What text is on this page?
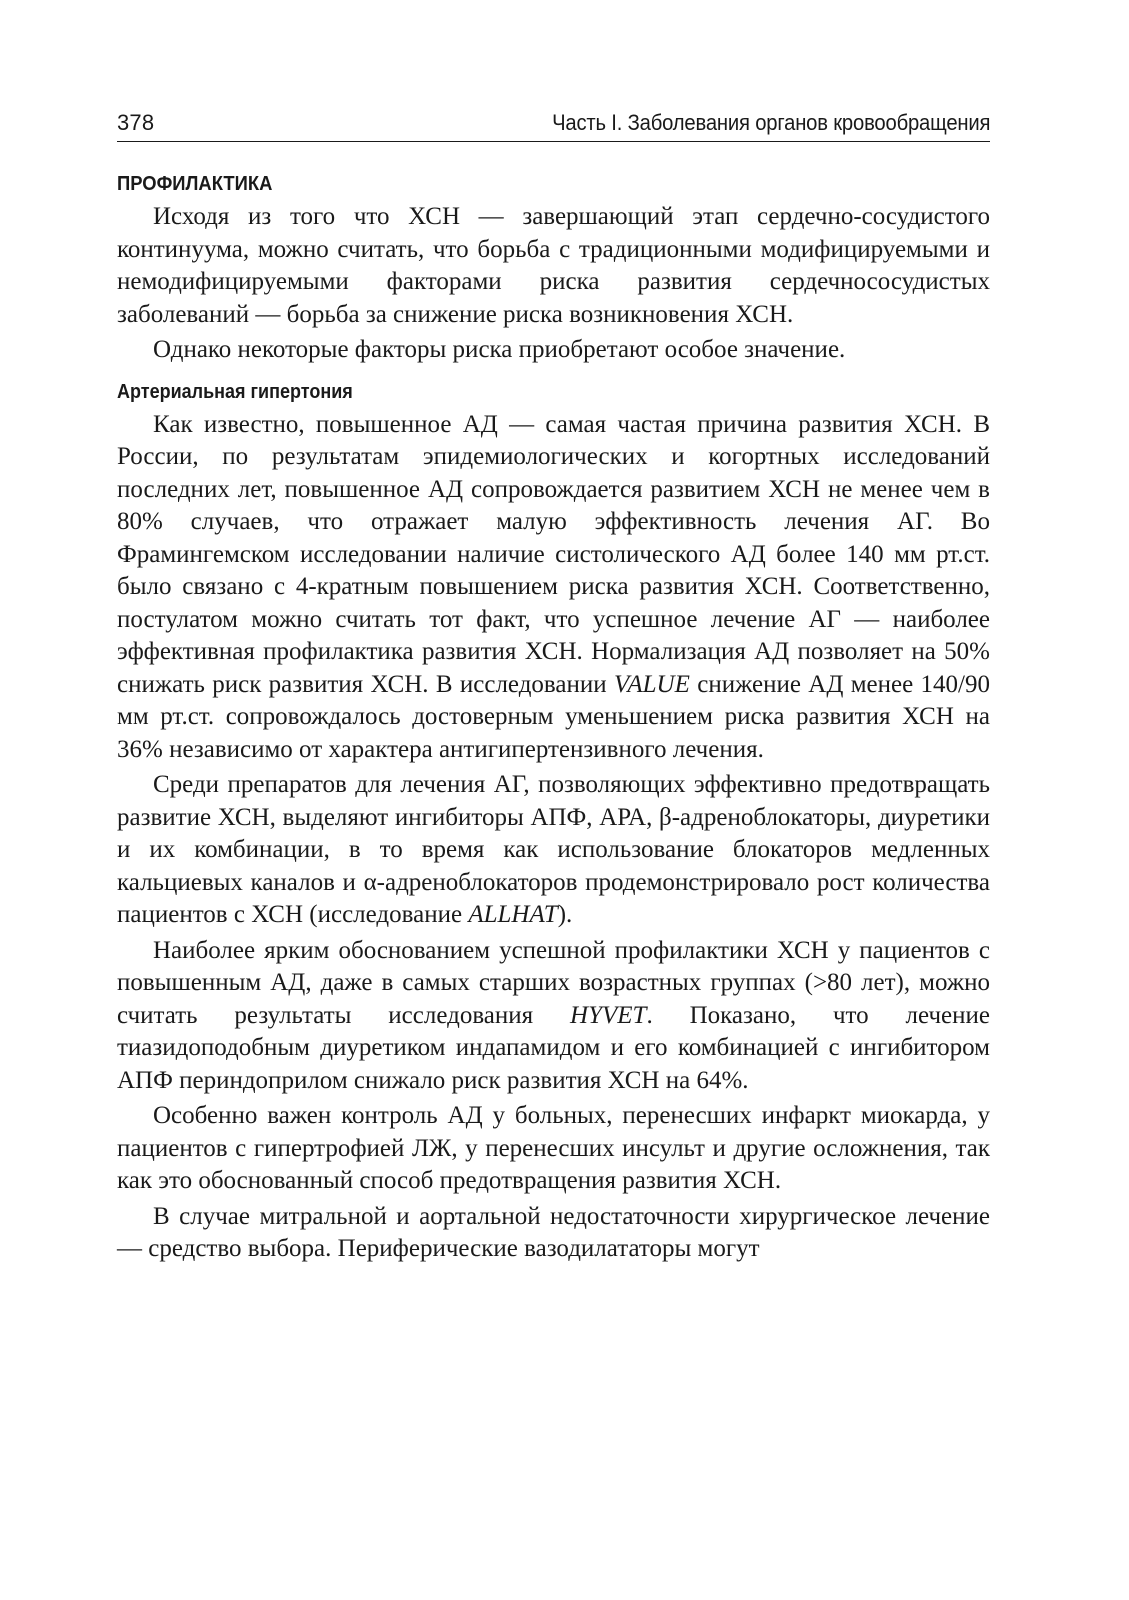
378	Часть I. Заболевания органов кровообращения
ПРОФИЛАКТИКА

Исходя из того что ХСН — завершающий этап сердечно-сосудистого континуума, можно считать, что борьба с традиционными модифицируемыми и немодифицируемыми факторами риска развития сердечнососудистых заболеваний — борьба за снижение риска возникновения ХСН.

Однако некоторые факторы риска приобретают особое значение.

Артериальная гипертония

Как известно, повышенное АД — самая частая причина развития ХСН. В России, по результатам эпидемиологических и когортных исследований последних лет, повышенное АД сопровождается развитием ХСН не менее чем в 80% случаев, что отражает малую эффективность лечения АГ. Во Фрамингемском исследовании наличие систолического АД более 140 мм рт.ст. было связано с 4-кратным повышением риска развития ХСН. Соответственно, постулатом можно считать тот факт, что успешное лечение АГ — наиболее эффективная профилактика развития ХСН. Нормализация АД позволяет на 50% снижать риск развития ХСН. В исследовании VALUE снижение АД менее 140/90 мм рт.ст. сопровождалось достоверным уменьшением риска развития ХСН на 36% независимо от характера антигипертензивного лечения.

Среди препаратов для лечения АГ, позволяющих эффективно предотвращать развитие ХСН, выделяют ингибиторы АПФ, АРА, β-адреноблокаторы, диуретики и их комбинации, в то время как использование блокаторов медленных кальциевых каналов и α-адреноблокаторов продемонстрировало рост количества пациентов с ХСН (исследование ALLHAT).

Наиболее ярким обоснованием успешной профилактики ХСН у пациентов с повышенным АД, даже в самых старших возрастных группах (>80 лет), можно считать результаты исследования HYVET. Показано, что лечение тиазидоподобным диуретиком индапамидом и его комбинацией с ингибитором АПФ периндоприлом снижало риск развития ХСН на 64%.

Особенно важен контроль АД у больных, перенесших инфаркт миокарда, у пациентов с гипертрофией ЛЖ, у перенесших инсульт и другие осложнения, так как это обоснованный способ предотвращения развития ХСН.

В случае митральной и аортальной недостаточности хирургическое лечение — средство выбора. Периферические вазодилататоры могут
